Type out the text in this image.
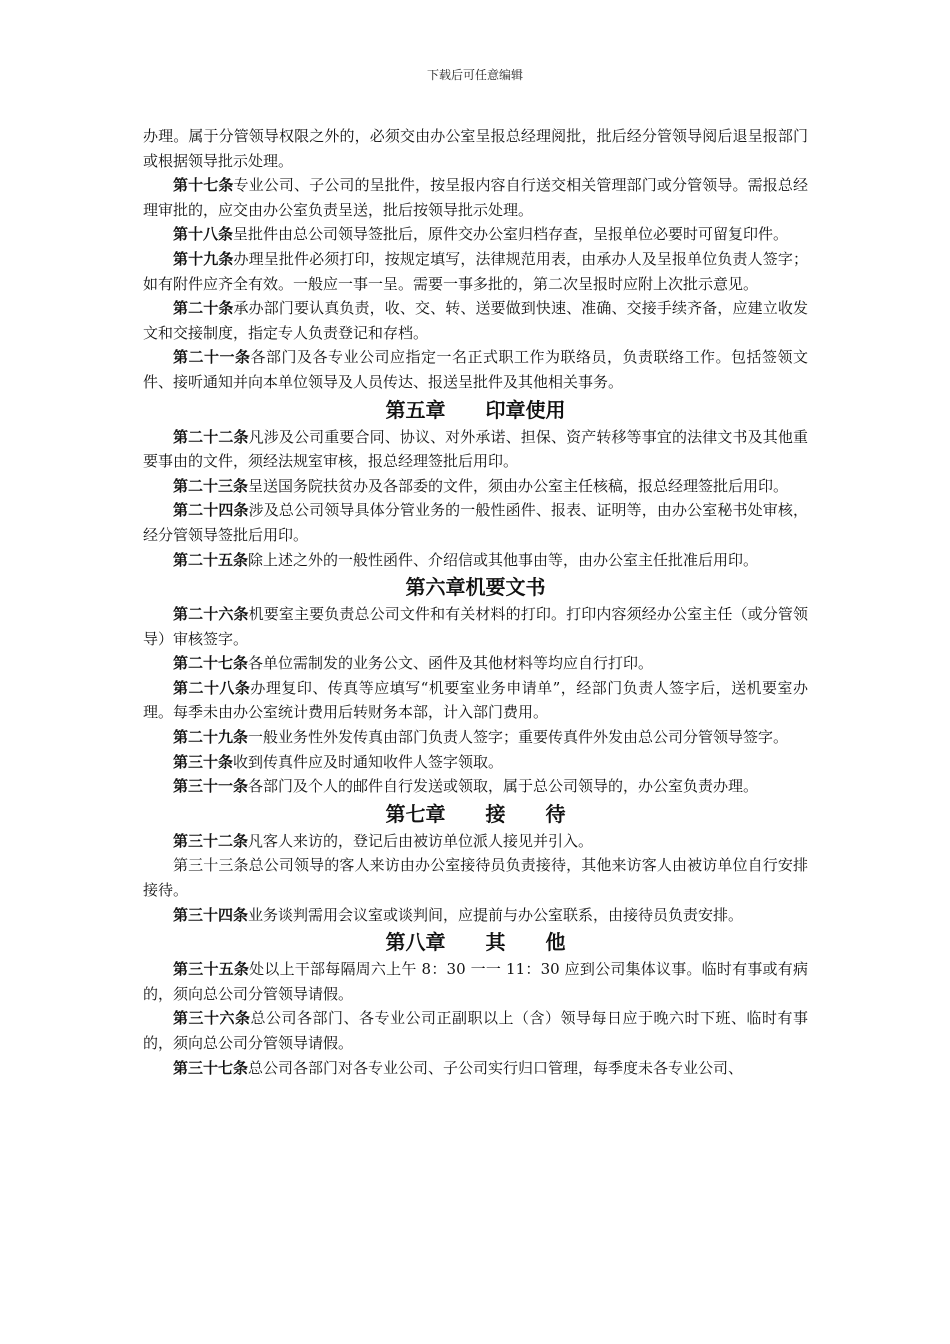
下载后可任意编辑

办理。属于分管领导权限之外的，必须交由办公室呈报总经理阅批，批后经分管领导阅后退呈报部门或根据领导批示处理。

第十七条专业公司、子公司的呈批件，按呈报内容自行送交相关管理部门或分管领导。需报总经理审批的，应交由办公室负责呈送，批后按领导批示处理。

第十八条呈批件由总公司领导签批后，原件交办公室归档存查，呈报单位必要时可留复印件。

第十九条办理呈批件必须打印，按规定填写，法律规范用表，由承办人及呈报单位负责人签字；如有附件应齐全有效。一般应一事一呈。需要一事多批的，第二次呈报时应附上次批示意见。

第二十条承办部门要认真负责，收、交、转、送要做到快速、准确、交接手续齐备，应建立收发文和交接制度，指定专人负责登记和存档。

第二十一条各部门及各专业公司应指定一名正式职工作为联络员，负责联络工作。包括签领文件、接听通知并向本单位领导及人员传达、报送呈批件及其他相关事务。

第五章　　印章使用

第二十二条凡涉及公司重要合同、协议、对外承诺、担保、资产转移等事宜的法律文书及其他重要事由的文件，须经法规室审核，报总经理签批后用印。

第二十三条呈送国务院扶贫办及各部委的文件，须由办公室主任核稿，报总经理签批后用印。

第二十四条涉及总公司领导具体分管业务的一般性函件、报表、证明等，由办公室秘书处审核，经分管领导签批后用印。

第二十五条除上述之外的一般性函件、介绍信或其他事由等，由办公室主任批准后用印。

第六章机要文书

第二十六条机要室主要负责总公司文件和有关材料的打印。打印内容须经办公室主任（或分管领导）审核签字。

第二十七条各单位需制发的业务公文、函件及其他材料等均应自行打印。

第二十八条办理复印、传真等应填写“机要室业务申请单”，经部门负责人签字后，送机要室办理。每季未由办公室统计费用后转财务本部，计入部门费用。

第二十九条一般业务性外发传真由部门负责人签字；重要传真件外发由总公司分管领导签字。

第三十条收到传真件应及时通知收件人签字领取。

第三十一条各部门及个人的邮件自行发送或领取，属于总公司领导的，办公室负责办理。

第七章　　接　　待

第三十二条凡客人来访的，登记后由被访单位派人接见并引入。

第三十三条总公司领导的客人来访由办公室接待员负责接待，其他来访客人由被访单位自行安排接待。

第三十四条业务谈判需用会议室或谈判间，应提前与办公室联系，由接待员负责安排。

第八章　　其　　他

第三十五条处以上干部每隔周六上午 8：30 一一 11：30 应到公司集体议事。临时有事或有病的，须向总公司分管领导请假。

第三十六条总公司各部门、各专业公司正副职以上（含）领导每日应于晚六时下班、临时有事的，须向总公司分管领导请假。

第三十七条总公司各部门对各专业公司、子公司实行归口管理，每季度未各专业公司、
